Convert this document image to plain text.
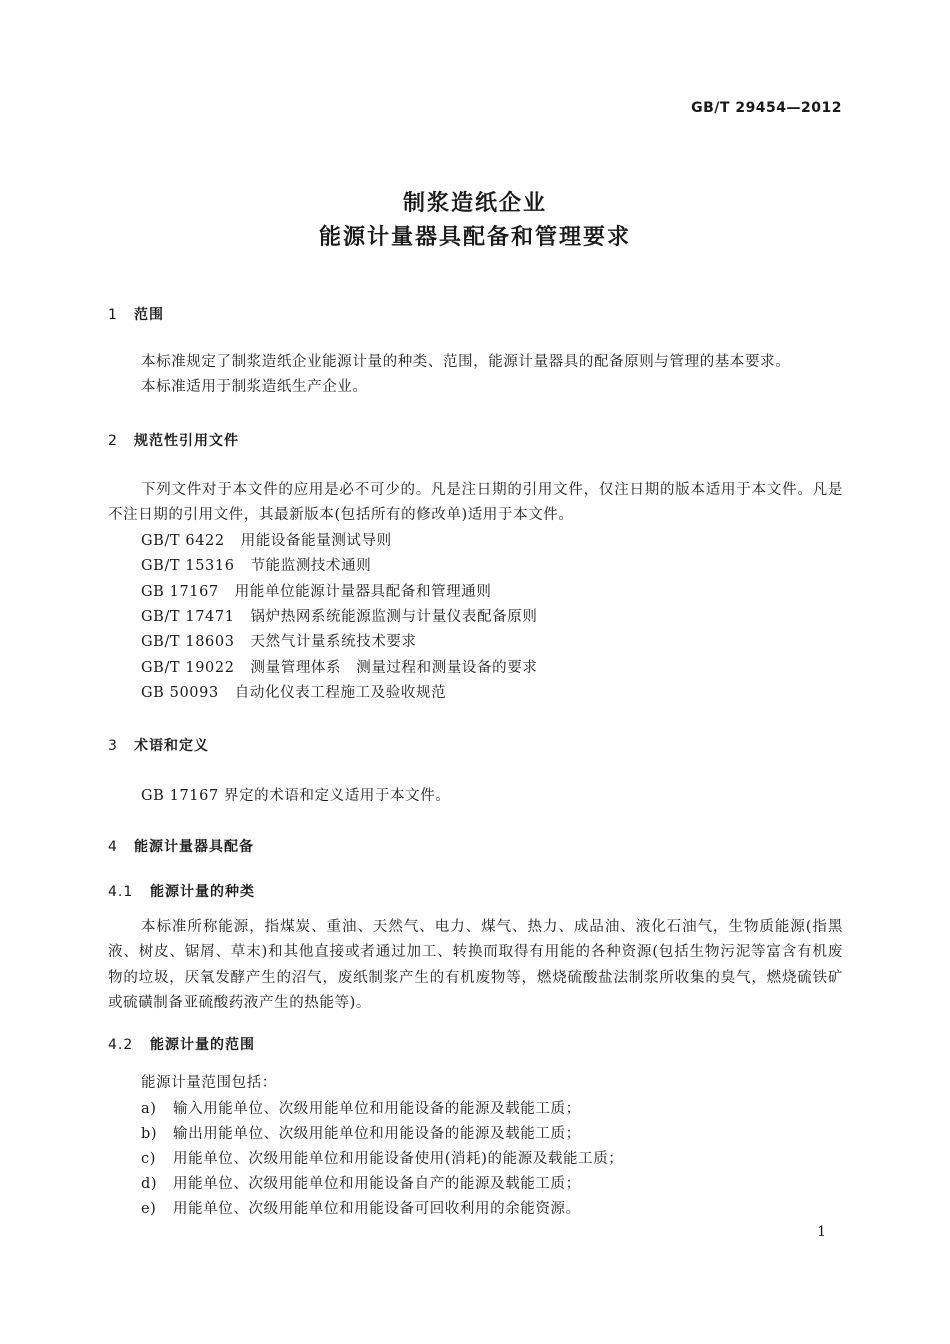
GB/T 29454—2012
制浆造纸企业
能源计量器具配备和管理要求
1 范围
本标准规定了制浆造纸企业能源计量的种类、范围，能源计量器具的配备原则与管理的基本要求。
本标准适用于制浆造纸生产企业。
2 规范性引用文件
下列文件对于本文件的应用是必不可少的。凡是注日期的引用文件，仅注日期的版本适用于本文件。凡是不注日期的引用文件，其最新版本(包括所有的修改单)适用于本文件。
GB/T 6422 用能设备能量测试导则
GB/T 15316 节能监测技术通则
GB 17167 用能单位能源计量器具配备和管理通则
GB/T 17471 锅炉热网系统能源监测与计量仪表配备原则
GB/T 18603 天然气计量系统技术要求
GB/T 19022 测量管理体系　测量过程和测量设备的要求
GB 50093 自动化仪表工程施工及验收规范
3 术语和定义
GB 17167 界定的术语和定义适用于本文件。
4 能源计量器具配备
4.1 能源计量的种类
本标准所称能源，指煤炭、重油、天然气、电力、煤气、热力、成品油、液化石油气，生物质能源(指黑液、树皮、锯屑、草末)和其他直接或者通过加工、转换而取得有用能的各种资源(包括生物污泥等富含有机废物的垃圾，厌氧发酵产生的沼气，废纸制浆产生的有机废物等，燃烧硫酸盐法制浆所收集的臭气，燃烧硫铁矿或硫磺制备亚硫酸药液产生的热能等)。
4.2 能源计量的范围
能源计量范围包括：
a) 输入用能单位、次级用能单位和用能设备的能源及载能工质；
b) 输出用能单位、次级用能单位和用能设备的能源及载能工质；
c) 用能单位、次级用能单位和用能设备使用(消耗)的能源及载能工质；
d) 用能单位、次级用能单位和用能设备自产的能源及载能工质；
e) 用能单位、次级用能单位和用能设备可回收利用的余能资源。
1
